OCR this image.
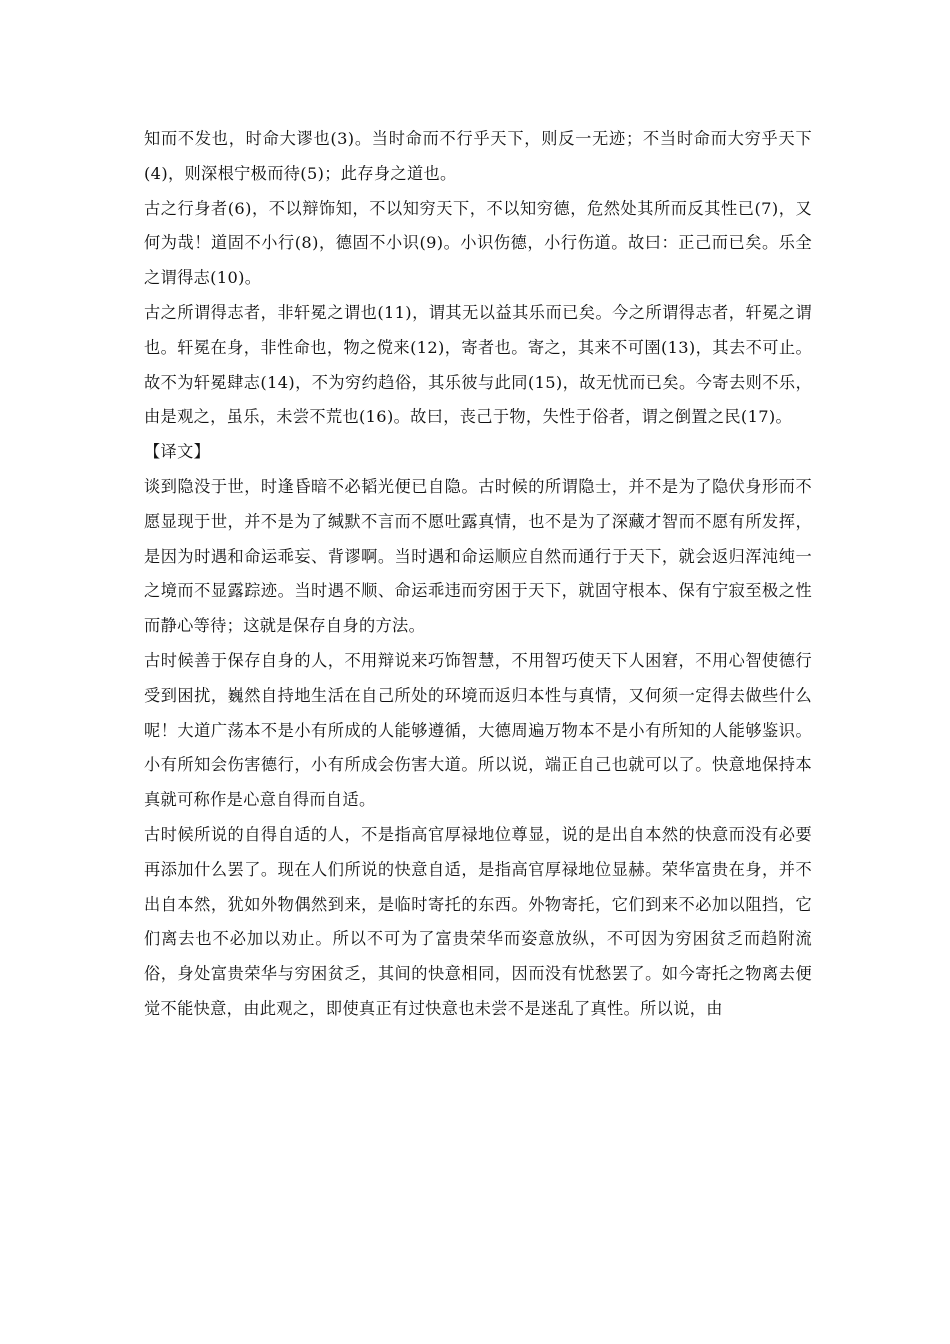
知而不发也，时命大谬也(3)。当时命而不行乎天下，则反一无迹；不当时命而大穷乎天下(4)，则深根宁极而待(5)；此存身之道也。

古之行身者(6)，不以辩饰知，不以知穷天下，不以知穷德，危然处其所而反其性已(7)，又何为哉！道固不小行(8)，德固不小识(9)。小识伤德，小行伤道。故曰：正己而已矣。乐全之谓得志(10)。

古之所谓得志者，非轩冕之谓也(11)，谓其无以益其乐而已矣。今之所谓得志者，轩冕之谓也。轩冕在身，非性命也，物之傥来(12)，寄者也。寄之，其来不可圉(13)，其去不可止。故不为轩冕肆志(14)，不为穷约趋俗，其乐彼与此同(15)，故无忧而已矣。今寄去则不乐，由是观之，虽乐，未尝不荒也(16)。故曰，丧己于物，失性于俗者，谓之倒置之民(17)。

【译文】

谈到隐没于世，时逢昏暗不必韬光便已自隐。古时候的所谓隐士，并不是为了隐伏身形而不愿显现于世，并不是为了缄默不言而不愿吐露真情，也不是为了深藏才智而不愿有所发挥，是因为时遇和命运乖妄、背谬啊。当时遇和命运顺应自然而通行于天下，就会返归浑沌纯一之境而不显露踪迹。当时遇不顺、命运乖违而穷困于天下，就固守根本、保有宁寂至极之性而静心等待；这就是保存自身的方法。

古时候善于保存自身的人，不用辩说来巧饰智慧，不用智巧使天下人困窘，不用心智使德行受到困扰，巍然自持地生活在自己所处的环境而返归本性与真情，又何须一定得去做些什么呢！大道广荡本不是小有所成的人能够遵循，大德周遍万物本不是小有所知的人能够鉴识。小有所知会伤害德行，小有所成会伤害大道。所以说，端正自己也就可以了。快意地保持本真就可称作是心意自得而自适。

古时候所说的自得自适的人，不是指高官厚禄地位尊显，说的是出自本然的快意而没有必要再添加什么罢了。现在人们所说的快意自适，是指高官厚禄地位显赫。荣华富贵在身，并不出自本然，犹如外物偶然到来，是临时寄托的东西。外物寄托，它们到来不必加以阻挡，它们离去也不必加以劝止。所以不可为了富贵荣华而姿意放纵，不可因为穷困贫乏而趋附流俗，身处富贵荣华与穷困贫乏，其间的快意相同，因而没有忧愁罢了。如今寄托之物离去便觉不能快意，由此观之，即使真正有过快意也未尝不是迷乱了真性。所以说，由
